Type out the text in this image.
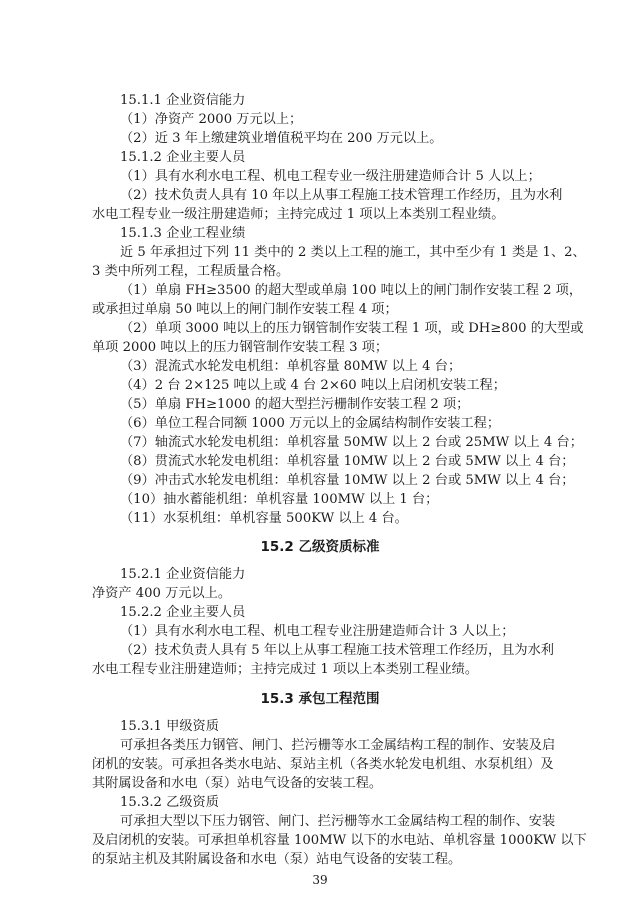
15.1.1 企业资信能力
（1）净资产 2000 万元以上；
（2）近 3 年上缴建筑业增值税平均在 200 万元以上。
15.1.2 企业主要人员
（1）具有水利水电工程、机电工程专业一级注册建造师合计 5 人以上；
（2）技术负责人具有 10 年以上从事工程施工技术管理工作经历，且为水利
水电工程专业一级注册建造师；主持完成过 1 项以上本类别工程业绩。
15.1.3 企业工程业绩
近 5 年承担过下列 11 类中的 2 类以上工程的施工，其中至少有 1 类是 1、2、
3 类中所列工程，工程质量合格。
（1）单扇 FH≥3500 的超大型或单扇 100 吨以上的闸门制作安装工程 2 项，
或承担过单扇 50 吨以上的闸门制作安装工程 4 项；
（2）单项 3000 吨以上的压力钢管制作安装工程 1 项，或 DH≥800 的大型或
单项 2000 吨以上的压力钢管制作安装工程 3 项；
（3）混流式水轮发电机组：单机容量 80MW 以上 4 台；
（4）2 台 2×125 吨以上或 4 台 2×60 吨以上启闭机安装工程；
（5）单扇 FH≥1000 的超大型拦污栅制作安装工程 2 项；
（6）单位工程合同额 1000 万元以上的金属结构制作安装工程；
（7）轴流式水轮发电机组：单机容量 50MW 以上 2 台或 25MW 以上 4 台；
（8）贯流式水轮发电机组：单机容量 10MW 以上 2 台或 5MW 以上 4 台；
（9）冲击式水轮发电机组：单机容量 10MW 以上 2 台或 5MW 以上 4 台；
（10）抽水蓄能机组：单机容量 100MW 以上 1 台；
（11）水泵机组：单机容量 500KW 以上 4 台。
15.2 乙级资质标准
15.2.1 企业资信能力
净资产 400 万元以上。
15.2.2 企业主要人员
（1）具有水利水电工程、机电工程专业注册建造师合计 3 人以上；
（2）技术负责人具有 5 年以上从事工程施工技术管理工作经历，且为水利
水电工程专业注册建造师；主持完成过 1 项以上本类别工程业绩。
15.3 承包工程范围
15.3.1 甲级资质
可承担各类压力钢管、闸门、拦污栅等水工金属结构工程的制作、安装及启
闭机的安装。可承担各类水电站、泵站主机（各类水轮发电机组、水泵机组）及
其附属设备和水电（泵）站电气设备的安装工程。
15.3.2 乙级资质
可承担大型以下压力钢管、闸门、拦污栅等水工金属结构工程的制作、安装
及启闭机的安装。可承担单机容量 100MW 以下的水电站、单机容量 1000KW 以下
的泵站主机及其附属设备和水电（泵）站电气设备的安装工程。
39
